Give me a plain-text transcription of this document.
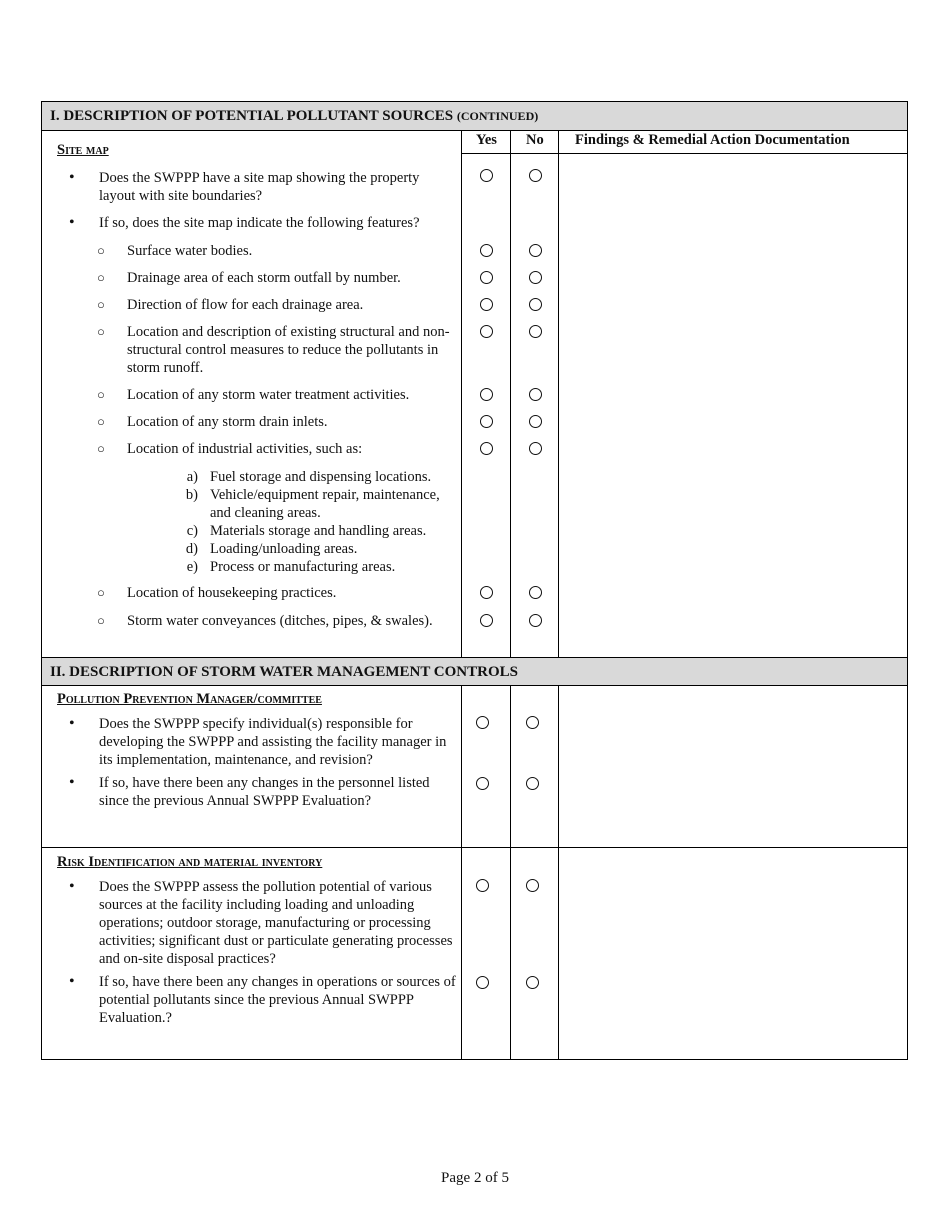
I. DESCRIPTION OF POTENTIAL POLLUTANT SOURCES (CONTINUED)
Yes No Findings & Remedial Action Documentation
Site map
• Does the SWPPP have a site map showing the property layout with site boundaries?
• If so, does the site map indicate the following features?
○ Surface water bodies.
○ Drainage area of each storm outfall by number.
○ Direction of flow for each drainage area.
○ Location and description of existing structural and non-structural control measures to reduce the pollutants in storm runoff.
○ Location of any storm water treatment activities.
○ Location of any storm drain inlets.
○ Location of industrial activities, such as:
a) Fuel storage and dispensing locations.
b) Vehicle/equipment repair, maintenance, and cleaning areas.
c) Materials storage and handling areas.
d) Loading/unloading areas.
e) Process or manufacturing areas.
○ Location of housekeeping practices.
○ Storm water conveyances (ditches, pipes, & swales).
II. DESCRIPTION OF STORM WATER MANAGEMENT CONTROLS
Pollution Prevention Manager/committee
• Does the SWPPP specify individual(s) responsible for developing the SWPPP and assisting the facility manager in its implementation, maintenance, and revision?
• If so, have there been any changes in the personnel listed since the previous Annual SWPPP Evaluation?
Risk Identification and material inventory
• Does the SWPPP assess the pollution potential of various sources at the facility including loading and unloading operations; outdoor storage, manufacturing or processing activities; significant dust or particulate generating processes and on-site disposal practices?
• If so, have there been any changes in operations or sources of potential pollutants since the previous Annual SWPPP Evaluation.?
Page 2 of 5
